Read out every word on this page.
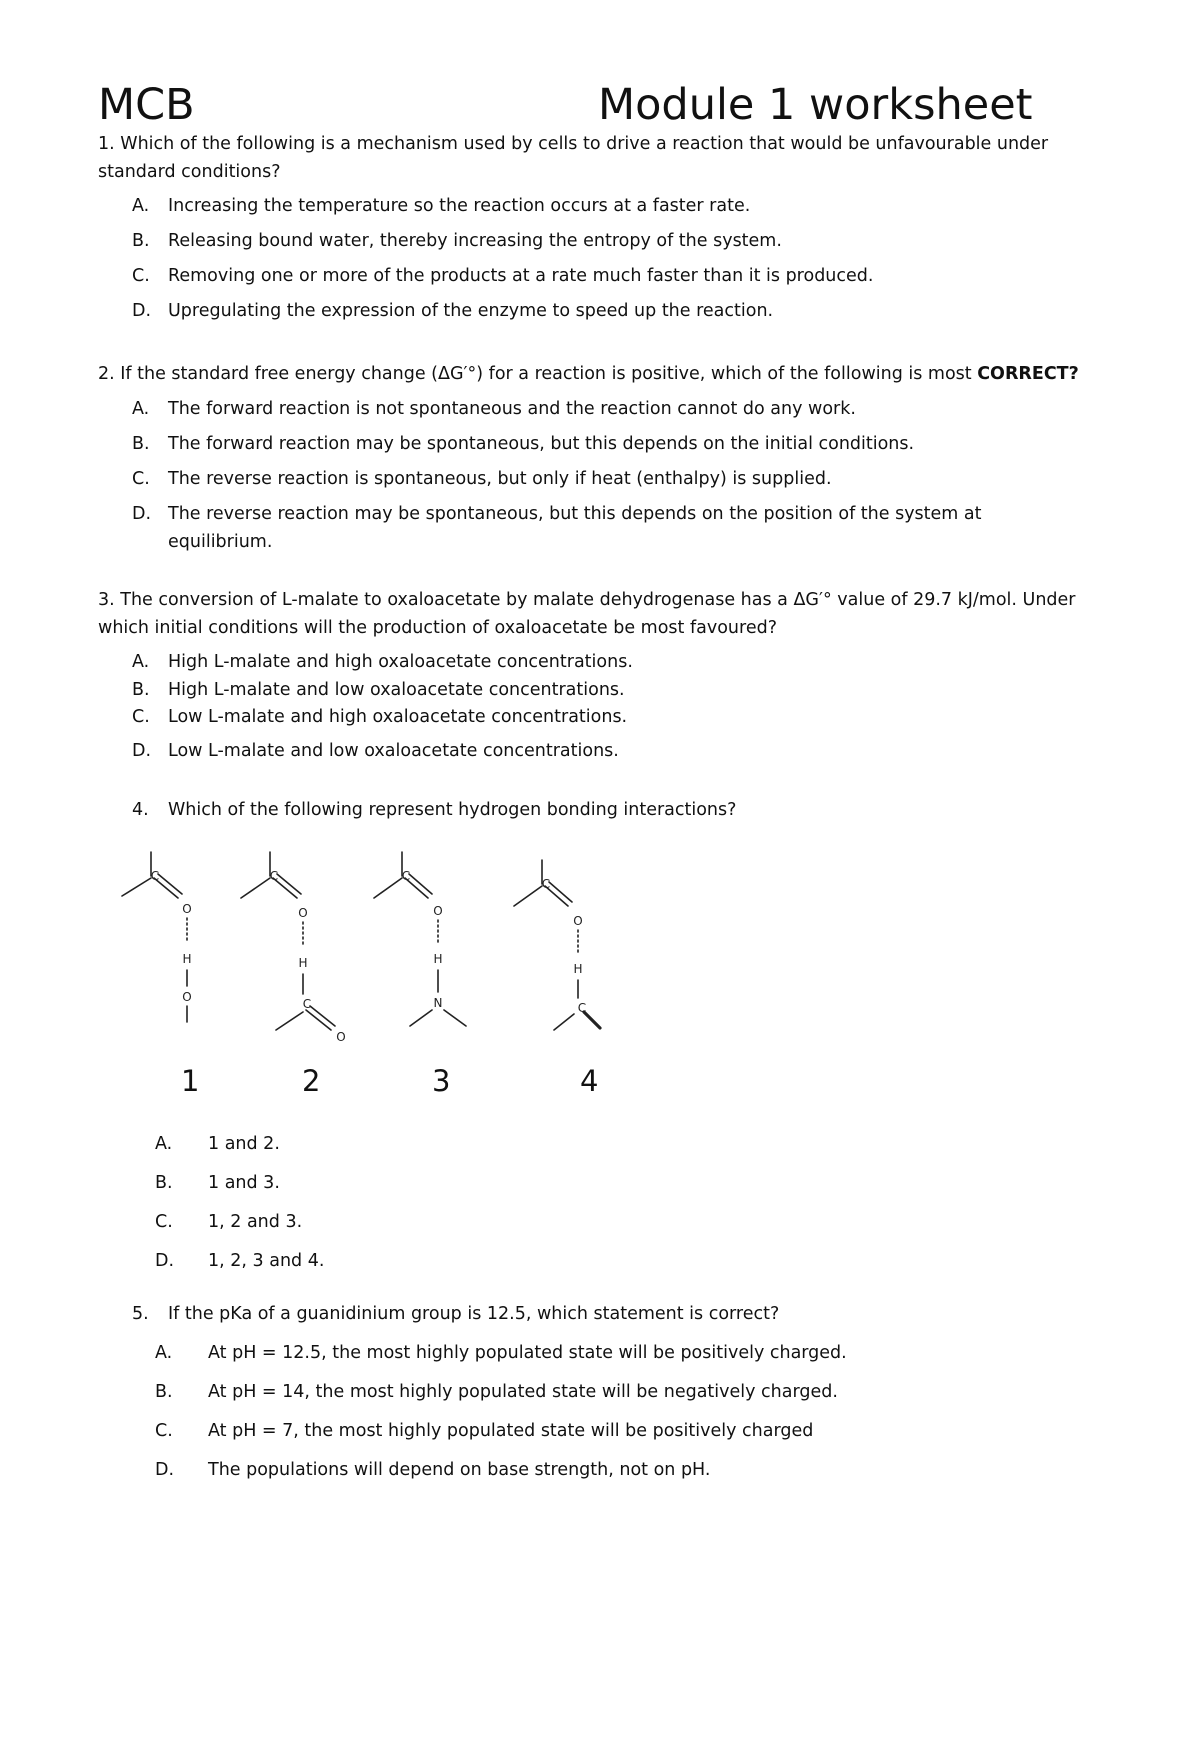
MCB	Module 1 worksheet
1. Which of the following is a mechanism used by cells to drive a reaction that would be unfavourable under
standard conditions?
A. Increasing the temperature so the reaction occurs at a faster rate.
B. Releasing bound water, thereby increasing the entropy of the system.
C. Removing one or more of the products at a rate much faster than it is produced.
D. Upregulating the expression of the enzyme to speed up the reaction.
2. If the standard free energy change (ΔG′°) for a reaction is positive, which of the following is most CORRECT?
A. The forward reaction is not spontaneous and the reaction cannot do any work.
B. The forward reaction may be spontaneous, but this depends on the initial conditions.
C. The reverse reaction is spontaneous, but only if heat (enthalpy) is supplied.
D. The reverse reaction may be spontaneous, but this depends on the position of the system at
equilibrium.
3. The conversion of L-malate to oxaloacetate by malate dehydrogenase has a ΔG′° value of 29.7 kJ/mol. Under
which initial conditions will the production of oxaloacetate be most favoured?
A. High L-malate and high oxaloacetate concentrations.
B. High L-malate and low oxaloacetate concentrations.
C. Low L-malate and high oxaloacetate concentrations.
D. Low L-malate and low oxaloacetate concentrations.
4. Which of the following represent hydrogen bonding interactions?
C
O
H
O
C
O
H
C
O
C
O
H
N
C
O
H
C
1	2	3	4
A. 1 and 2.
B. 1 and 3.
C. 1, 2 and 3.
D. 1, 2, 3 and 4.
5. If the pKa of a guanidinium group is 12.5, which statement is correct?
A. At pH = 12.5, the most highly populated state will be positively charged.
B. At pH = 14, the most highly populated state will be negatively charged.
C. At pH = 7, the most highly populated state will be positively charged
D. The populations will depend on base strength, not on pH.
